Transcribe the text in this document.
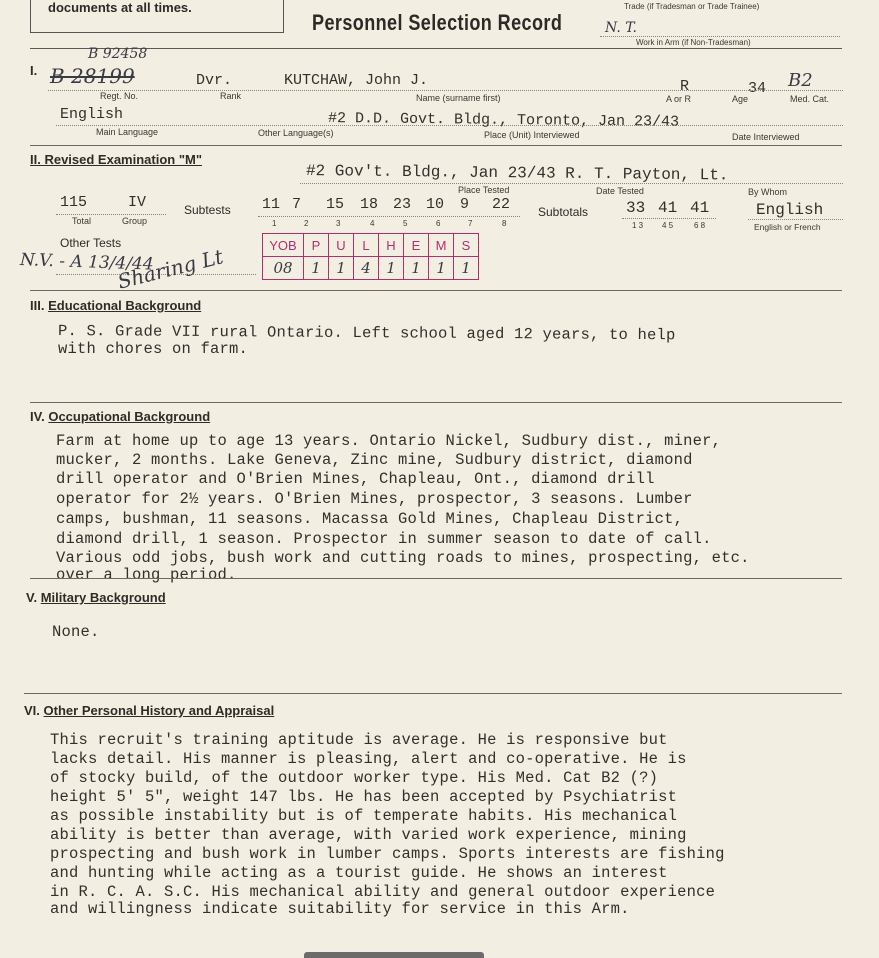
documents at all times.
Personnel Selection Record
Trade (if Tradesman or Trade Trainee)
N. T.
Work in Arm (if Non-Tradesman)
I.
B 92458
B 28199	Dvr.	KUTCHAW, John J.	R	34 B2
Regt. No.	Rank	Name (surname first)	A or R	Age	Med. Cat.
English	#2 D.D. Govt. Bldg., Toronto, Jan 23/43
Main Language	Other Language(s)	Place (Unit) Interviewed	Date Interviewed
II. Revised Examination "M"
#2 Gov't. Bldg., Jan 23/43 R. T. Payton, Lt.
Place Tested	Date Tested	By Whom
115	IV
Total	Group
Subtests 11 7 15 18 23 10 9 22
1	2	3	4	5	6	7	8
Subtotals 33 41 41
1 3 4 5	6 8
English
English or French
Other Tests
N.V. - A 13/4/44
Sharing Lt	YOB	P	U	L	H	E	M	S
08	1	1	4	1	1	1	1
III. Educational Background
P. S. Grade VII rural Ontario. Left school aged 12 years, to help
with chores on farm.
IV. Occupational Background
Farm at home up to age 13 years. Ontario Nickel, Sudbury dist., miner,
mucker, 2 months. Lake Geneva, Zinc mine, Sudbury district, diamond
drill operator and O'Brien Mines, Chapleau, Ont., diamond drill
operator for 2½ years. O'Brien Mines, prospector, 3 seasons. Lumber
camps, bushman, 11 seasons. Macassa Gold Mines, Chapleau District,
diamond drill, 1 season. Prospector in summer season to date of call.
Various odd jobs, bush work and cutting roads to mines, prospecting, etc.
over a long period.
V. Military Background
None.
VI. Other Personal History and Appraisal
This recruit's training aptitude is average. He is responsive but
lacks detail. His manner is pleasing, alert and co-operative. He is
of stocky build, of the outdoor worker type. His Med. Cat B2 (?)
height 5' 5", weight 147 lbs. He has been accepted by Psychiatrist
as possible instability but is of temperate habits. His mechanical
ability is better than average, with varied work experience, mining
prospecting and bush work in lumber camps. Sports interests are fishing
and hunting while acting as a tourist guide. He shows an interest
in R. C. A. S.C. His mechanical ability and general outdoor experience
and willingness indicate suitability for service in this Arm.
